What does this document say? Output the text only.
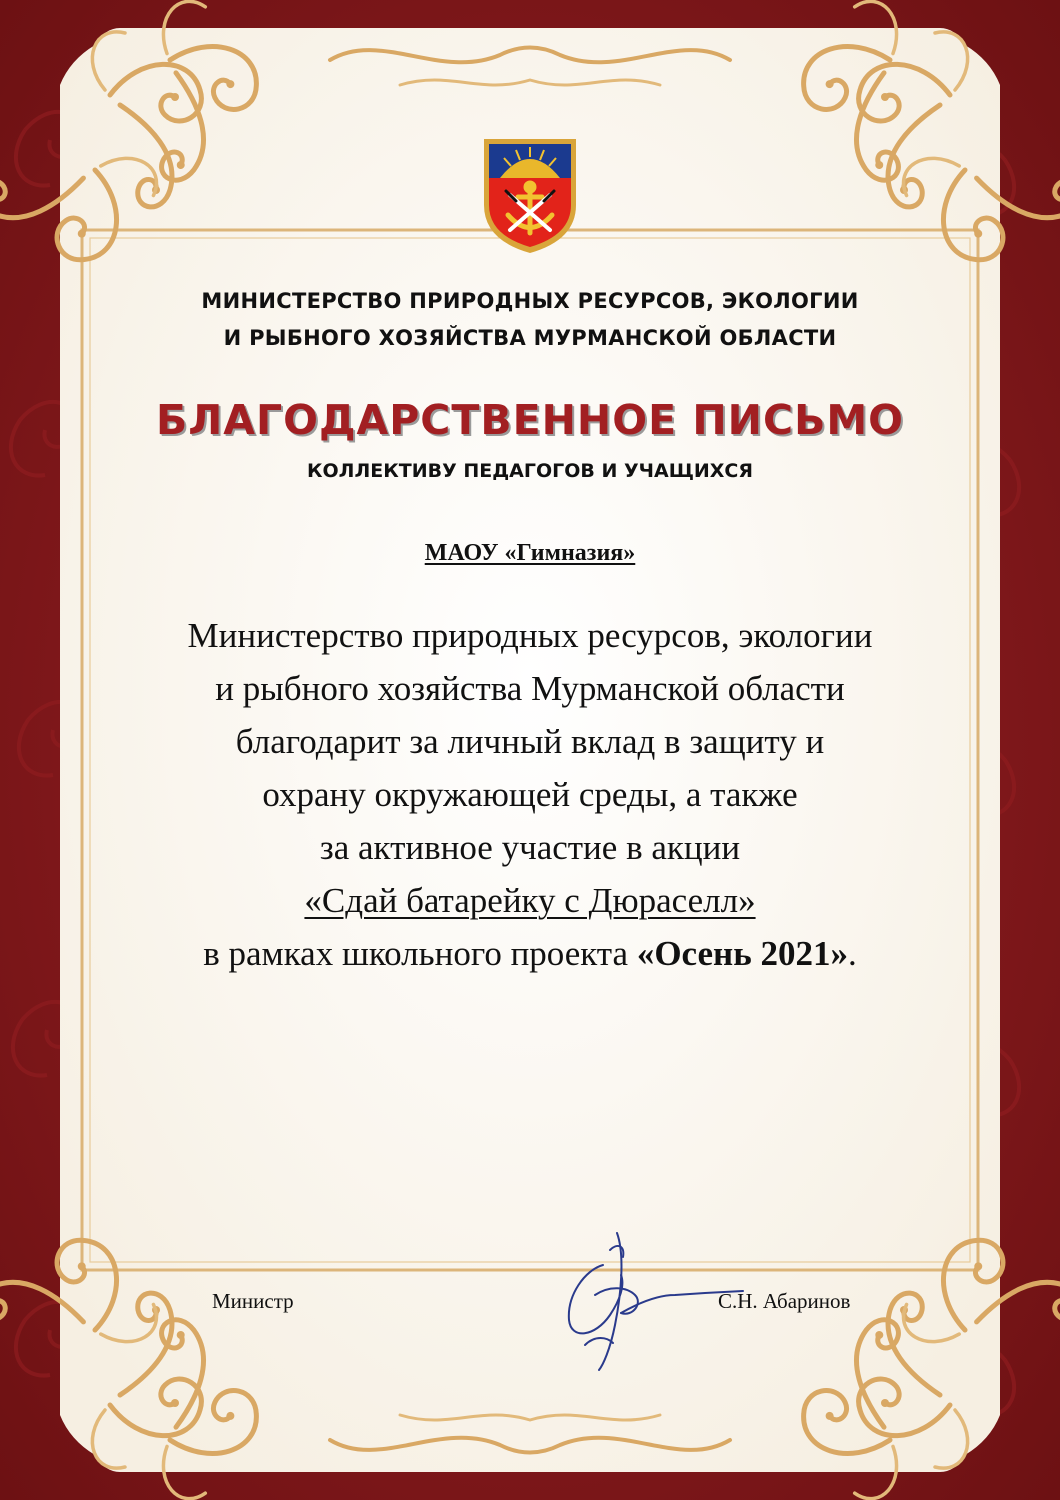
МИНИСТЕРСТВО ПРИРОДНЫХ РЕСУРСОВ, ЭКОЛОГИИ
И РЫБНОГО ХОЗЯЙСТВА МУРМАНСКОЙ ОБЛАСТИ
БЛАГОДАРСТВЕННОЕ ПИСЬМО
КОЛЛЕКТИВУ ПЕДАГОГОВ И УЧАЩИХСЯ
МАОУ «Гимназия»
Министерство природных ресурсов, экологии
и рыбного хозяйства Мурманской области
благодарит за личный вклад в защиту и
охрану окружающей среды, а также
за активное участие в акции
«Сдай батарейку с Дюраселл»
в рамках школьного проекта «Осень 2021».
Министр	С.Н. Абаринов
